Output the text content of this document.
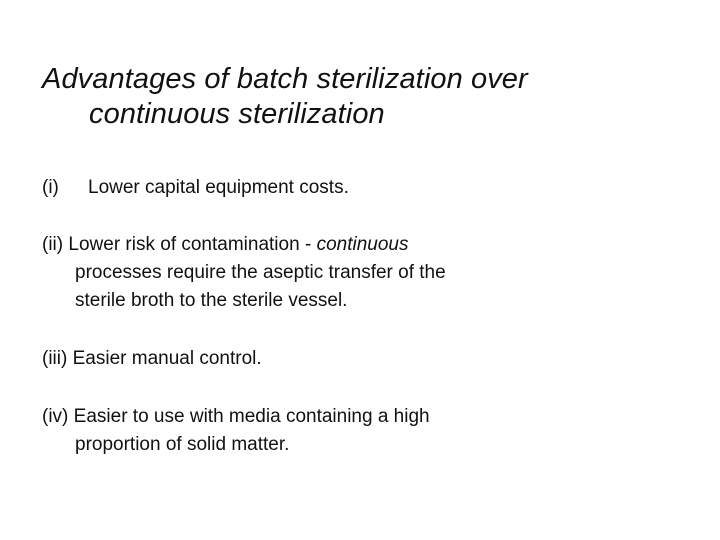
Advantages of batch sterilization over
continuous sterilization
(i) Lower capital equipment costs.
(ii) Lower risk of contamination - continuous
processes require the aseptic transfer of the
sterile broth to the sterile vessel.
(iii) Easier manual control.
(iv) Easier to use with media containing a high
proportion of solid matter.
